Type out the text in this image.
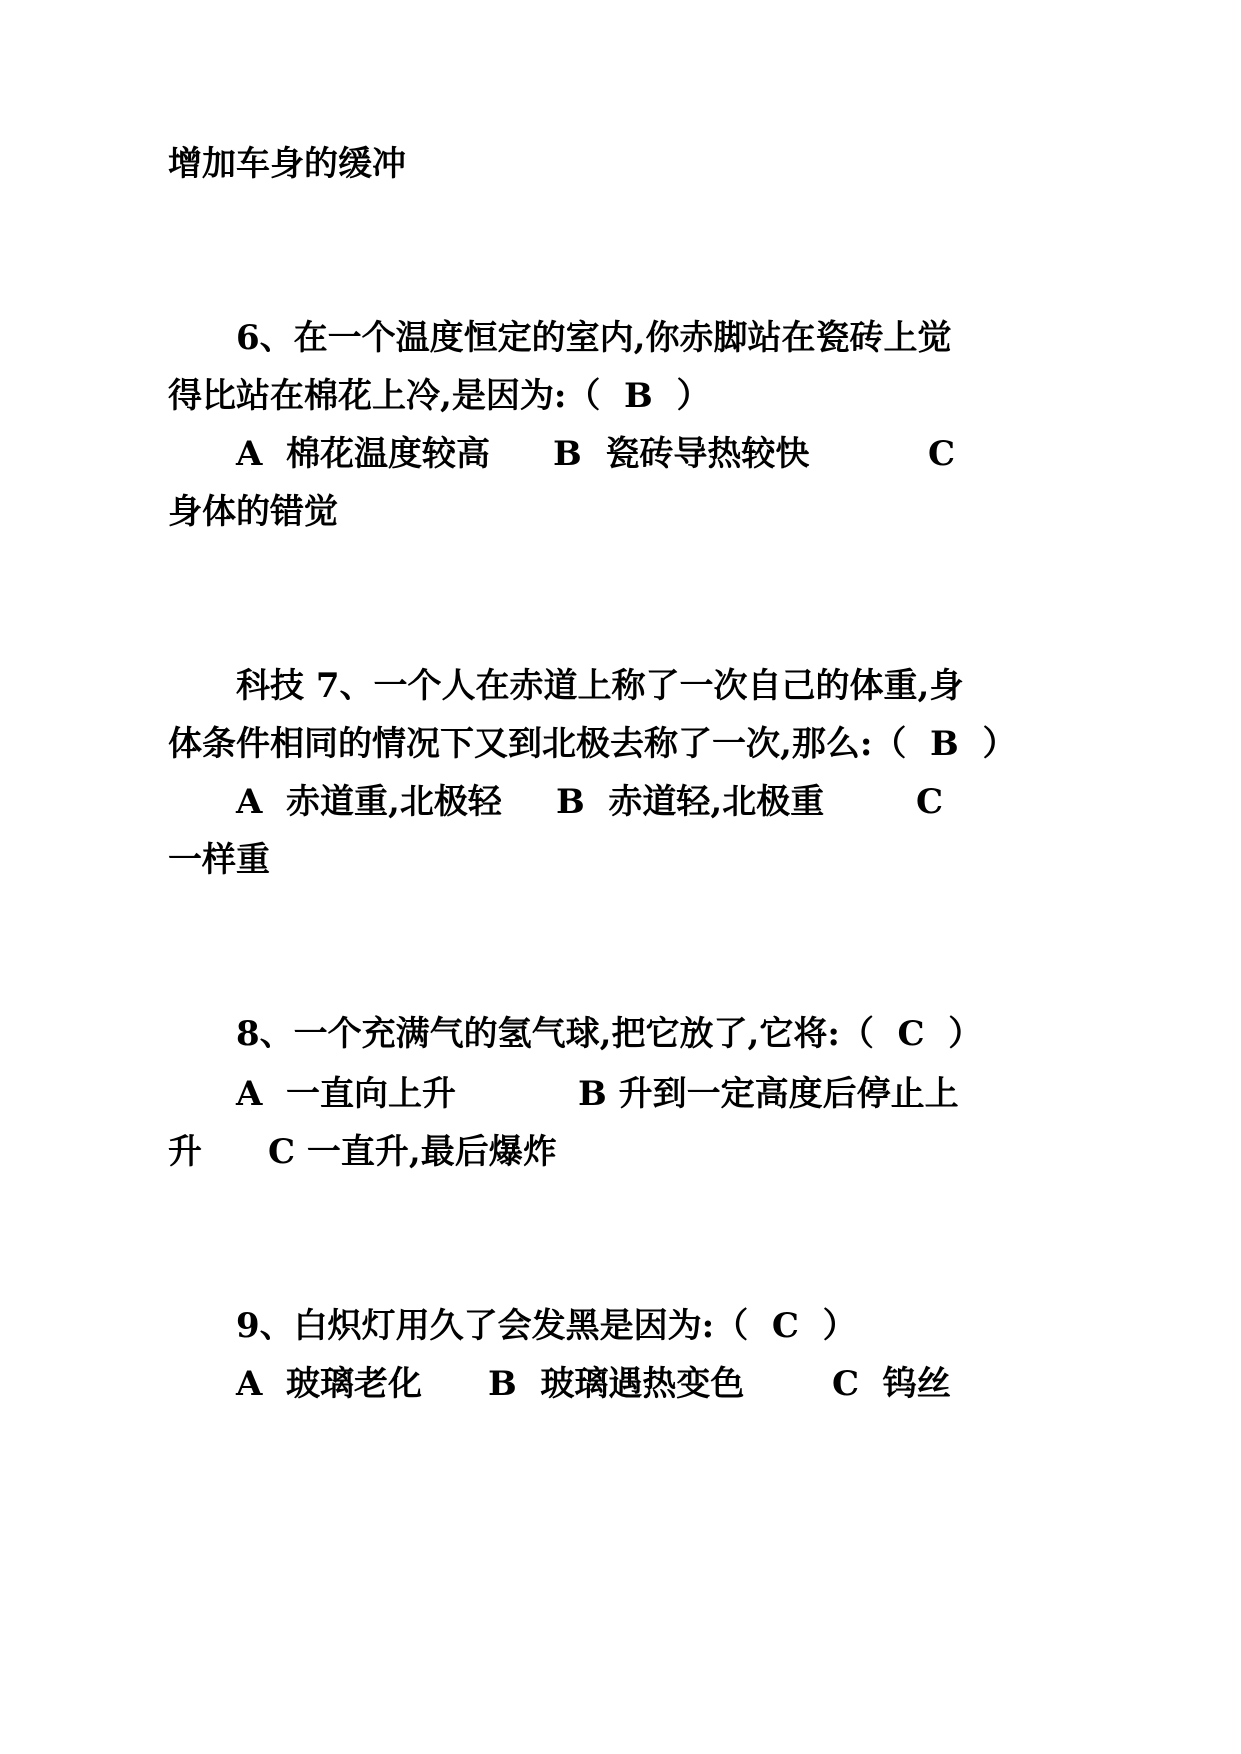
增加车身的缓冲

6、在一个温度恒定的室内,你赤脚站在瓷砖上觉

得比站在棉花上冷,是因为:（  B  ）

A  棉花温度较高

B  瓷砖导热较快

	C

身体的错觉

科技 7、一个人在赤道上称了一次自己的体重,身

体条件相同的情况下又到北极去称了一次,那么:（  B  ）

A  赤道重,北极轻

B  赤道轻,北极重

	C

一样重

8、一个充满气的氢气球,把它放了,它将:（  C  ）

A  一直向上升

	B 升到一定高度后停止上

升

C 一直升,最后爆炸

9、白炽灯用久了会发黑是因为:（  C  ）

A  玻璃老化

B  玻璃遇热变色

	C  钨丝
